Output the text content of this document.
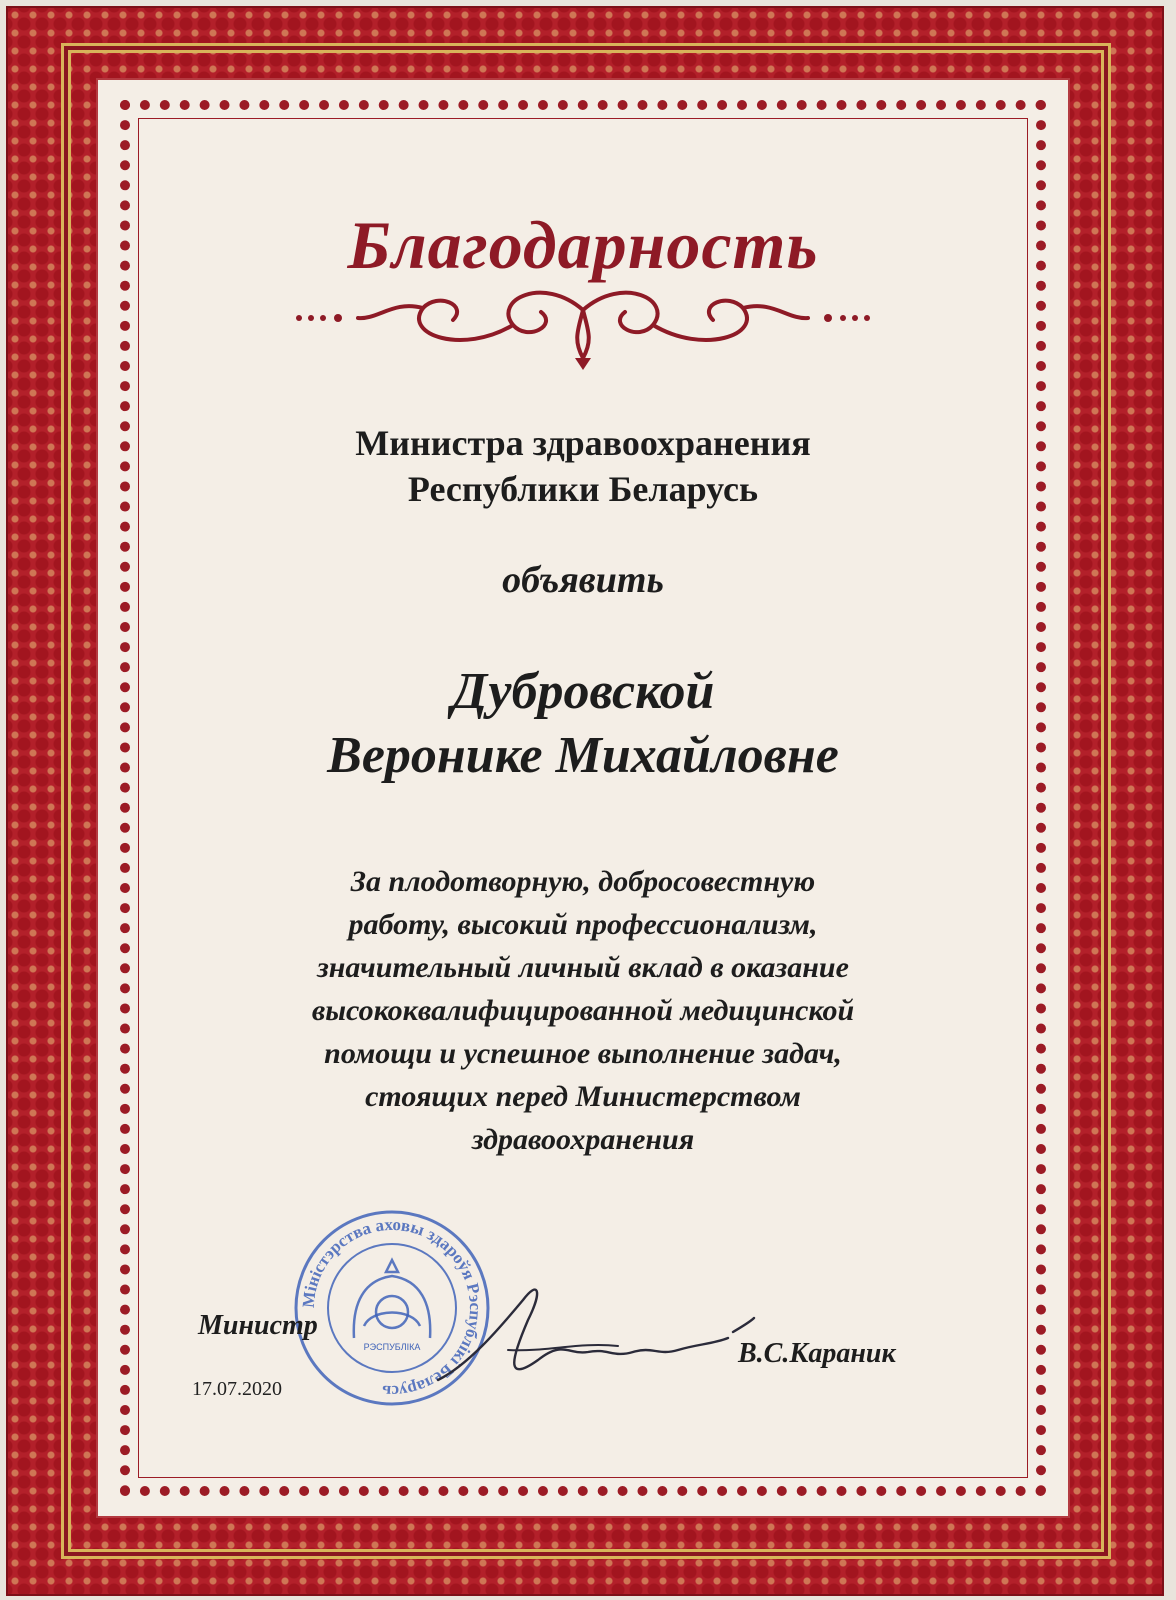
Благодарность
Министра здравоохранения
Республики Беларусь
объявить
Дубровской
Веронике Михайловне
За плодотворную, добросовестную
работу, высокий профессионализм,
значительный личный вклад в оказание
высококвалифицированной медицинской
помощи и успешное выполнение задач,
стоящих перед Министерством
здравоохранения
Міністэрства аховы здароўя Рэспублікі Беларусь
РЭСПУБЛІКА
Министр
17.07.2020
В.С.Караник
